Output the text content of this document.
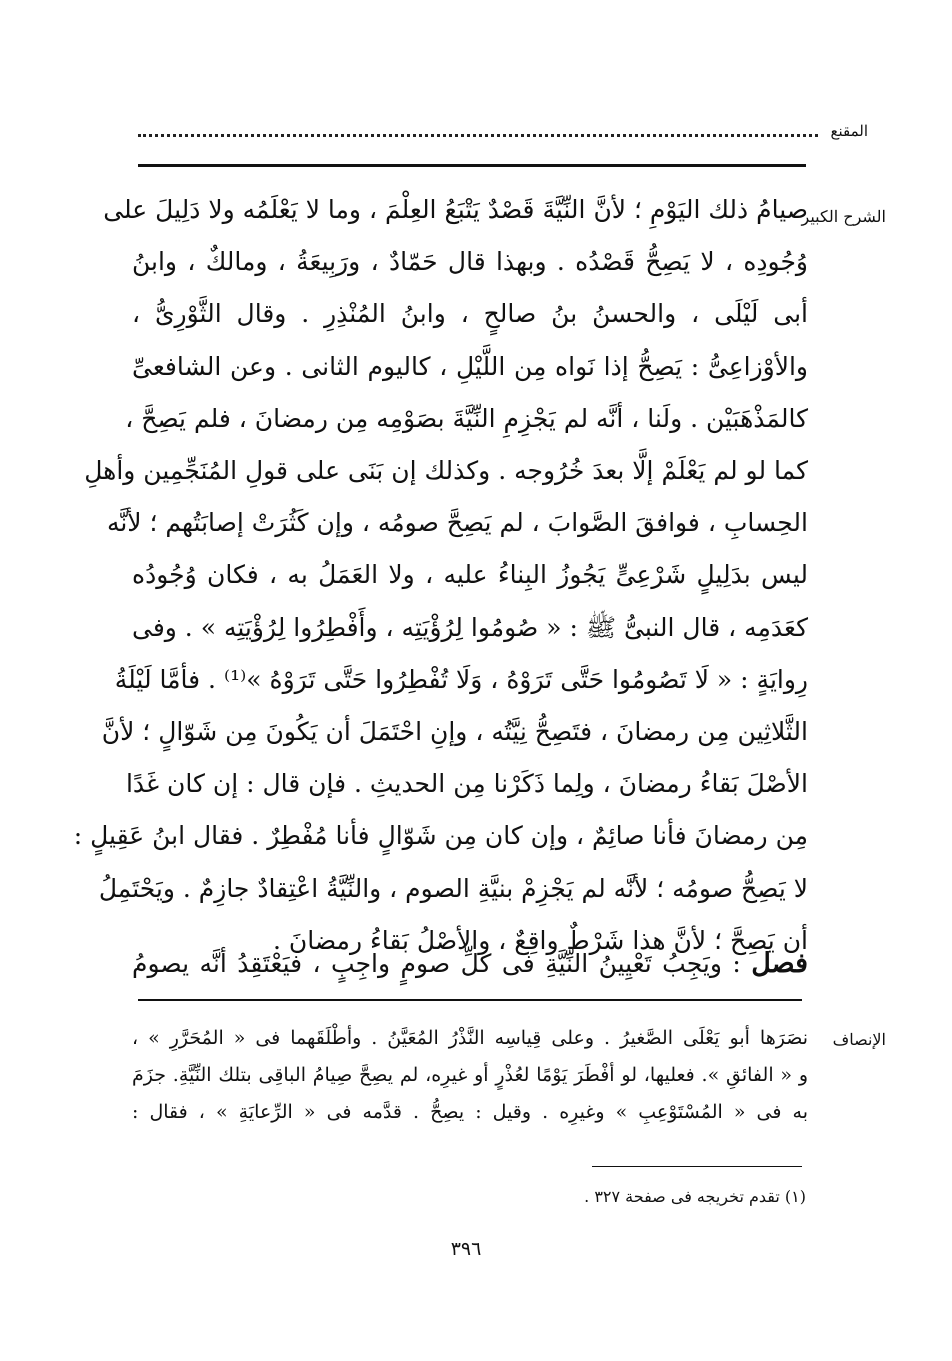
المقنع
الشرح الكبير
صيامُ ذلك اليَوْمِ ؛ لأنَّ النِّيَّةَ قَصْدٌ يَتْبَعُ العِلْمَ ، وما لا يَعْلَمُه ولا دَلِيلَ على
وُجُودِه ، لا يَصِحُّ قَصْدُه . وبهذا قال حَمّادٌ ، ورَبِيعَةُ ، ومالكٌ ، وابنُ
أبى لَيْلَى ، والحسنُ بنُ صالحٍ ، وابنُ المُنْذِرِ . وقال الثَّوْرِىُّ ،
والأوْزاعِىُّ : يَصِحُّ إذا نَواه مِن اللَّيْلِ ، كاليوم الثانى . وعن الشافعىِّ
كالمَذْهَبَيْن . ولَنا ، أنَّه لم يَجْزِمِ النِّيَّةَ بصَوْمِه مِن رمضانَ ، فلم يَصِحَّ ،
كما لو لم يَعْلَمْ إلَّا بعدَ خُرُوجه . وكذلك إن بَنَى على قولِ المُنَجِّمِين وأهلِ
الحِسابِ ، فوافقَ الصَّوابَ ، لم يَصِحَّ صومُه ، وإن كَثُرَتْ إصابَتُهم ؛ لأنَّه
ليس بدَلِيلٍ شَرْعِىٍّ يَجُوزُ البِناءُ عليه ، ولا العَمَلُ به ، فكان وُجُودُه
كعَدَمِه ، قال النبىُّ ﷺ : « صُومُوا لِرُؤْيَتِه ، وأَفْطِرُوا لِرُؤْيَتِه » . وفى
رِوايَةٍ : « لَا تَصُومُوا حَتَّى تَرَوْهُ ، وَلَا تُفْطِرُوا حَتَّى تَرَوْهُ »⁽¹⁾ . فأمَّا لَيْلَةُ
الثَّلاثِين مِن رمضانَ ، فتَصِحُّ نِيَّتُه ، وإنِ احْتَمَلَ أن يَكُونَ مِن شَوّالٍ ؛ لأنَّ
الأصْلَ بَقاءُ رمضانَ ، ولِما ذَكَرْنا مِن الحديثِ . فإن قال : إن كان غَدًا
مِن رمضانَ فأنا صائِمٌ ، وإن كان مِن شَوّالٍ فأنا مُفْطِرٌ . فقال ابنُ عَقِيلٍ :
لا يَصِحُّ صومُه ؛ لأنَّه لم يَجْزِمْ بنيَّةِ الصوم ، والنِّيَّةُ اعْتِقادٌ جازِمٌ . ويَحْتَمِلُ
أن يَصِحَّ ؛ لأنَّ هذا شَرْطٌ واقِعٌ ، والأصْلُ بَقاءُ رمضانَ .
فصل : ويَجِبُ تَعْيِينُ النِّيَّةِ فى كلِّ صومٍ واجِبٍ ، فيَعْتَقِدُ أنَّه يصومُ
الإنصاف
نصَرَها أبو يَعْلَى الصَّغيرُ . وعلى قِياسِه النَّذْرُ المُعَيَّنُ . وأطْلَقَهما فى « المُحَرَّرِ » ،
و « الفائقِ ». فعليها، لو أفْطَرَ يَوْمًا لعُذْرٍ أو غيرِه، لم يصِحَّ صِيامُ الباقِى بتلك النِّيَّةِ. جزَمَ
به فى « المُسْتَوْعِبِ » وغيرِه . وقيل : يصِحُّ . قدَّمه فى « الرِّعايَةِ » ، فقال :
(١) تقدم تخريجه فى صفحة ٣٢٧ .
٣٩٦
